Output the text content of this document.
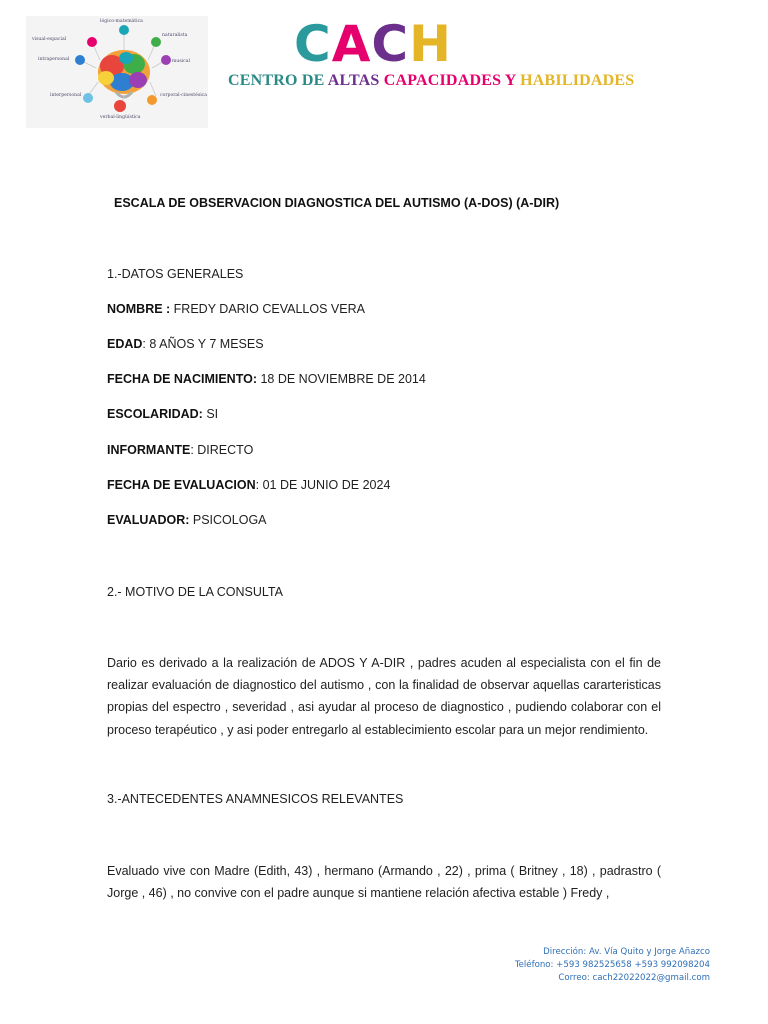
lógico-matemática
visual-espacial
naturalista
intrapersonal	musical
interpersonal	corporal-cinestésica
verbal-lingüística
CACH
CENTRO DE ALTAS CAPACIDADES Y HABILIDADES
ESCALA DE OBSERVACION DIAGNOSTICA DEL AUTISMO (A-DOS) (A-DIR)
1.-DATOS GENERALES
NOMBRE : FREDY DARIO CEVALLOS VERA
EDAD: 8 AÑOS Y 7 MESES
FECHA DE NACIMIENTO: 18 DE NOVIEMBRE DE 2014
ESCOLARIDAD: SI
INFORMANTE: DIRECTO
FECHA DE EVALUACION: 01 DE JUNIO DE 2024
EVALUADOR: PSICOLOGA
2.- MOTIVO DE LA CONSULTA
Dario es derivado a la realización de ADOS Y A-DIR , padres acuden al especialista con el fin de realizar evaluación de diagnostico del autismo , con la finalidad de observar aquellas cararteristicas propias del espectro , severidad , asi ayudar al proceso de diagnostico , pudiendo colaborar con el proceso terapéutico , y asi poder entregarlo al establecimiento escolar para un mejor rendimiento.
3.-ANTECEDENTES ANAMNESICOS RELEVANTES
Evaluado vive con Madre (Edith, 43) , hermano (Armando , 22) , prima ( Britney , 18) , padrastro ( Jorge , 46) , no convive con el padre aunque si mantiene relación afectiva estable ) Fredy ,
Dirección: Av. Vía Quito y Jorge Añazco
Teléfono: +593 982525658 +593 992098204
Correo: cach22022022@gmail.com
